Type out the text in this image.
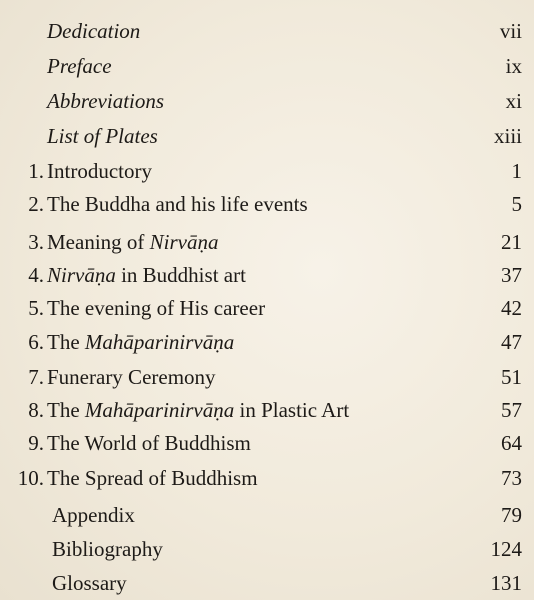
Dedication	vii
Preface	ix
Abbreviations	xi
List of Plates	xiii
1. Introductory	1
2. The Buddha and his life events	5
3. Meaning of Nirvāṇa	21
4. Nirvāṇa in Buddhist art	37
5. The evening of His career	42
6. The Mahāparinirvāṇa	47
7. Funerary Ceremony	51
8. The Mahāparinirvāṇa in Plastic Art	57
9. The World of Buddhism	64
10. The Spread of Buddhism	73
Appendix	79
Bibliography	124
Glossary	131
